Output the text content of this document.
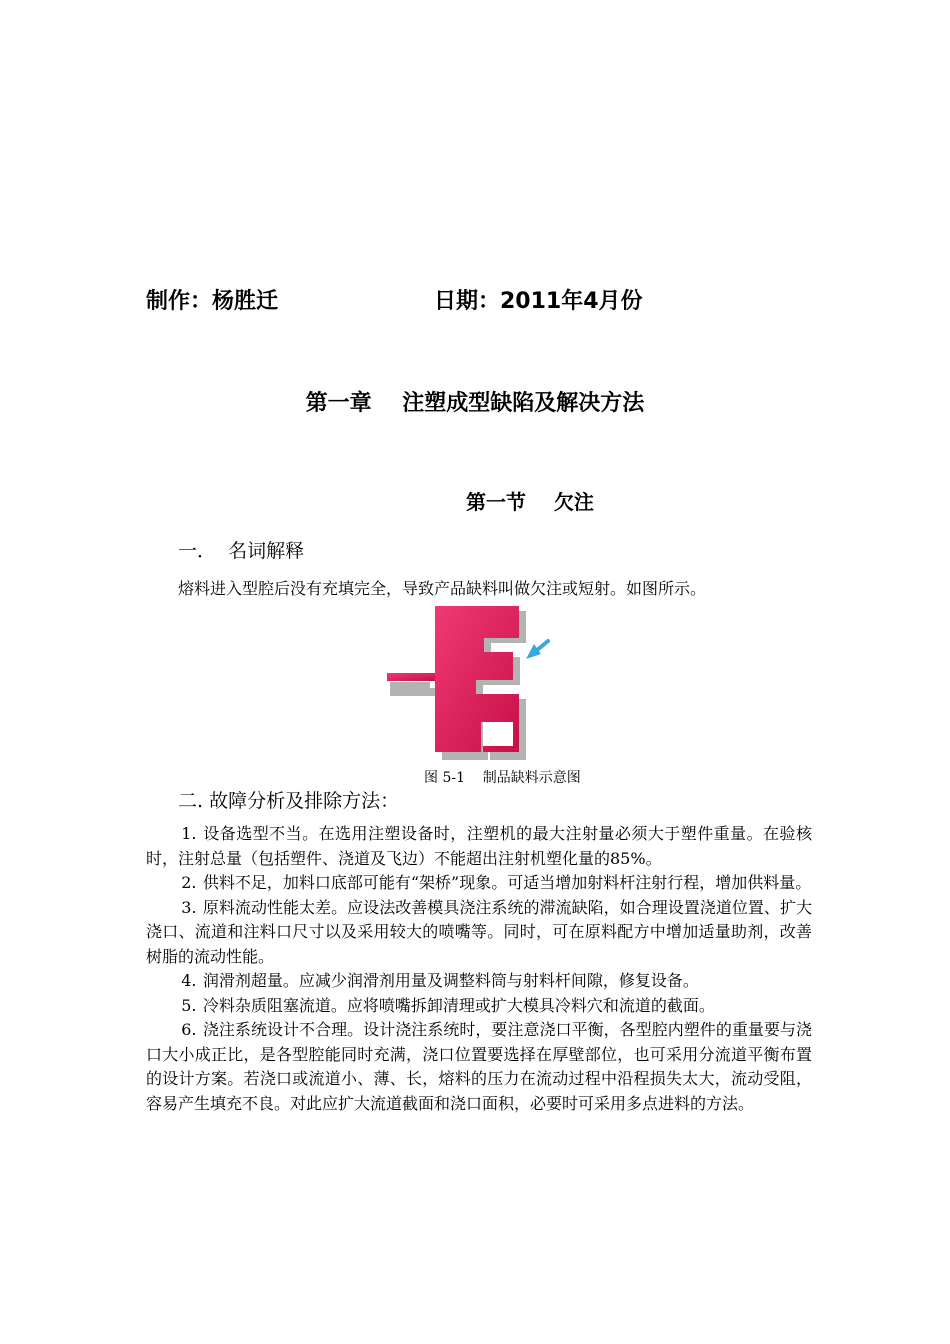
制作：杨胜迁	日期：2011年4月份
第一章    注塑成型缺陷及解决方法
第一节    欠注
一．  名词解释
熔料进入型腔后没有充填完全，导致产品缺料叫做欠注或短射。如图所示。
图 5-1    制品缺料示意图
二. 故障分析及排除方法：

1. 设备选型不当。在选用注塑设备时，注塑机的最大注射量必须大于塑件重量。在验核时，注射总量（包括塑件、浇道及飞边）不能超出注射机塑化量的85%。

2. 供料不足，加料口底部可能有“架桥”现象。可适当增加射料杆注射行程，增加供料量。

3. 原料流动性能太差。应设法改善模具浇注系统的滞流缺陷，如合理设置浇道位置、扩大浇口、流道和注料口尺寸以及采用较大的喷嘴等。同时，可在原料配方中增加适量助剂，改善树脂的流动性能。

4. 润滑剂超量。应减少润滑剂用量及调整料筒与射料杆间隙，修复设备。

5. 冷料杂质阻塞流道。应将喷嘴拆卸清理或扩大模具冷料穴和流道的截面。

6. 浇注系统设计不合理。设计浇注系统时，要注意浇口平衡，各型腔内塑件的重量要与浇口大小成正比，是各型腔能同时充满，浇口位置要选择在厚壁部位，也可采用分流道平衡布置的设计方案。若浇口或流道小、薄、长，熔料的压力在流动过程中沿程损失太大，流动受阻，容易产生填充不良。对此应扩大流道截面和浇口面积，必要时可采用多点进料的方法。
